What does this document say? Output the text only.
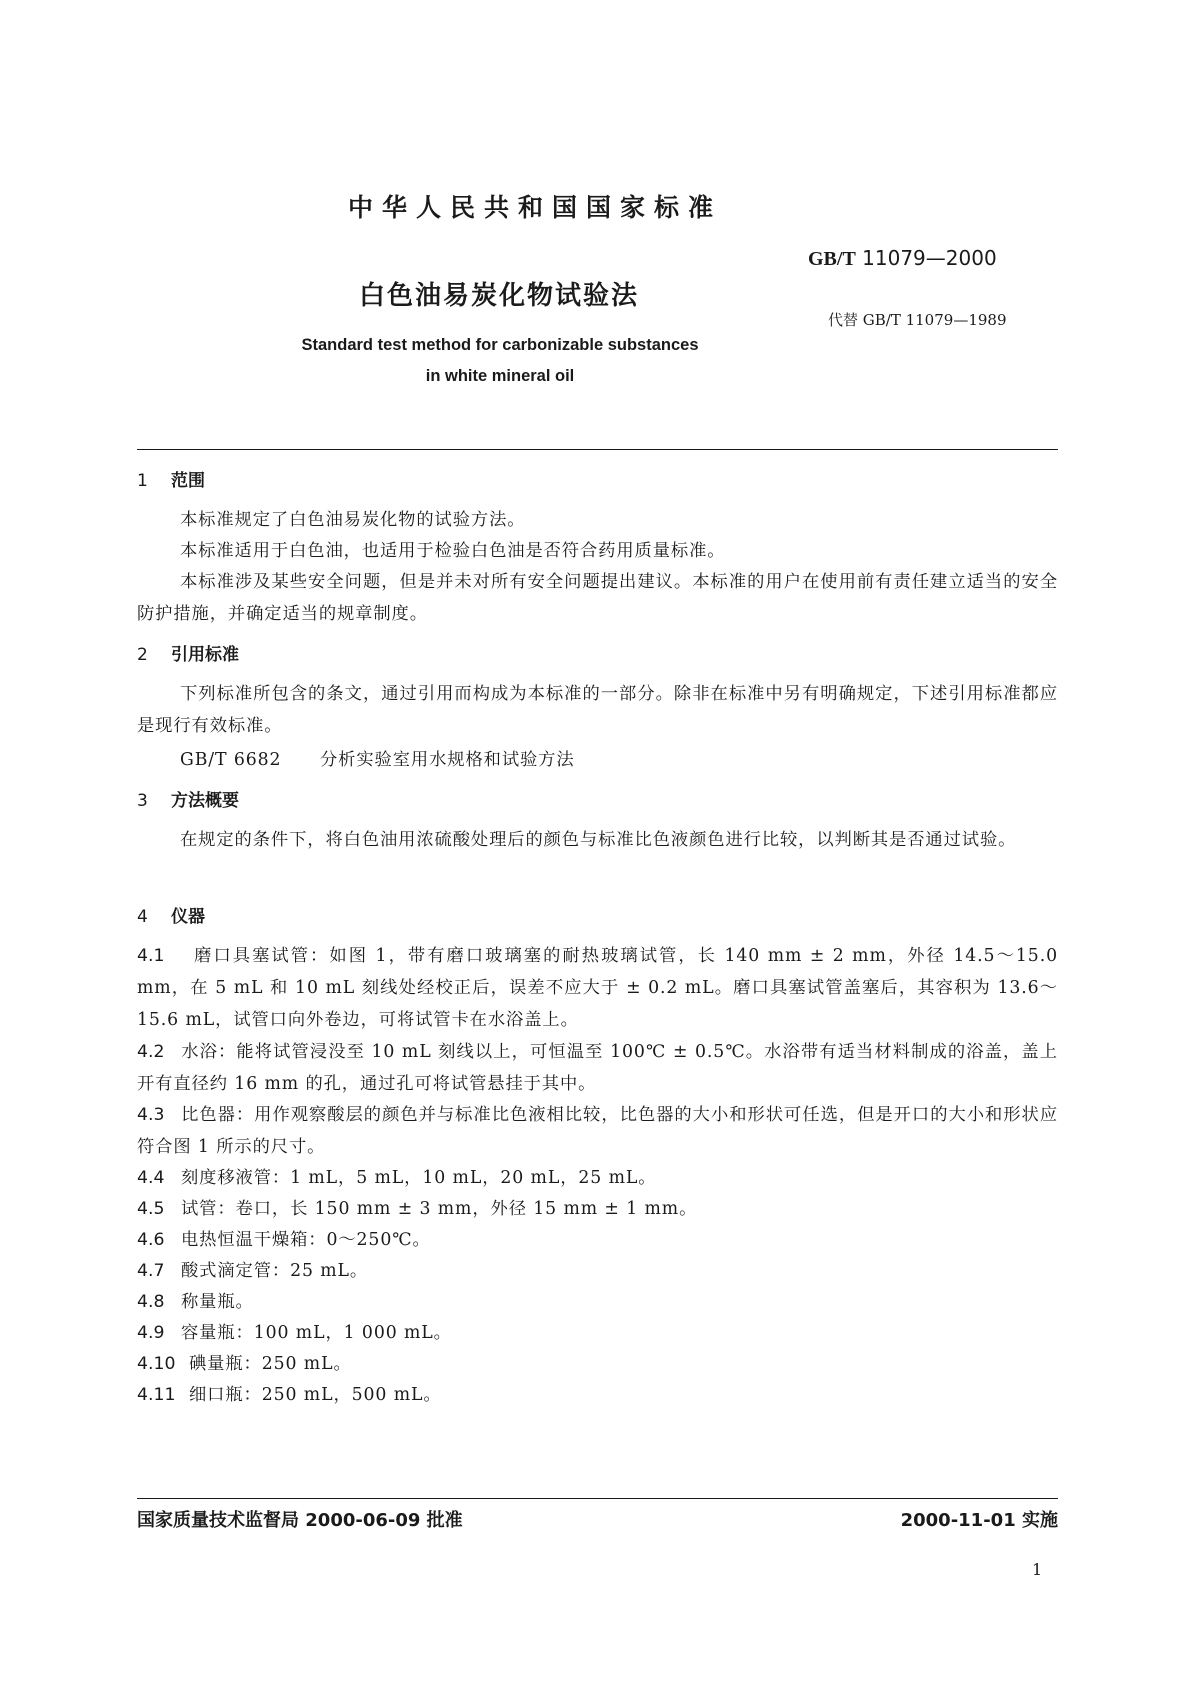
中华人民共和国国家标准
GB/T 11079—2000
白色油易炭化物试验法
代替 GB/T 11079—1989
Standard test method for carbonizable substances
in white mineral oil
1 范围
本标准规定了白色油易炭化物的试验方法。
本标准适用于白色油，也适用于检验白色油是否符合药用质量标准。
本标准涉及某些安全问题，但是并未对所有安全问题提出建议。本标准的用户在使用前有责任建立适当的安全防护措施，并确定适当的规章制度。
2 引用标准
下列标准所包含的条文，通过引用而构成为本标准的一部分。除非在标准中另有明确规定，下述引用标准都应是现行有效标准。
GB/T 6682 分析实验室用水规格和试验方法
3 方法概要
在规定的条件下，将白色油用浓硫酸处理后的颜色与标准比色液颜色进行比较，以判断其是否通过试验。
4 仪器
4.1 磨口具塞试管：如图 1，带有磨口玻璃塞的耐热玻璃试管，长 140 mm ± 2 mm，外径 14.5～15.0 mm，在 5 mL 和 10 mL 刻线处经校正后，误差不应大于 ± 0.2 mL。磨口具塞试管盖塞后，其容积为 13.6～15.6 mL，试管口向外卷边，可将试管卡在水浴盖上。
4.2 水浴：能将试管浸没至 10 mL 刻线以上，可恒温至 100℃ ± 0.5℃。水浴带有适当材料制成的浴盖，盖上开有直径约 16 mm 的孔，通过孔可将试管悬挂于其中。
4.3 比色器：用作观察酸层的颜色并与标准比色液相比较，比色器的大小和形状可任选，但是开口的大小和形状应符合图 1 所示的尺寸。
4.4 刻度移液管：1 mL，5 mL，10 mL，20 mL，25 mL。
4.5 试管：卷口，长 150 mm ± 3 mm，外径 15 mm ± 1 mm。
4.6 电热恒温干燥箱：0～250℃。
4.7 酸式滴定管：25 mL。
4.8 称量瓶。
4.9 容量瓶：100 mL，1 000 mL。
4.10 碘量瓶：250 mL。
4.11 细口瓶：250 mL，500 mL。
国家质量技术监督局 2000-06-09 批准	2000-11-01 实施
1
